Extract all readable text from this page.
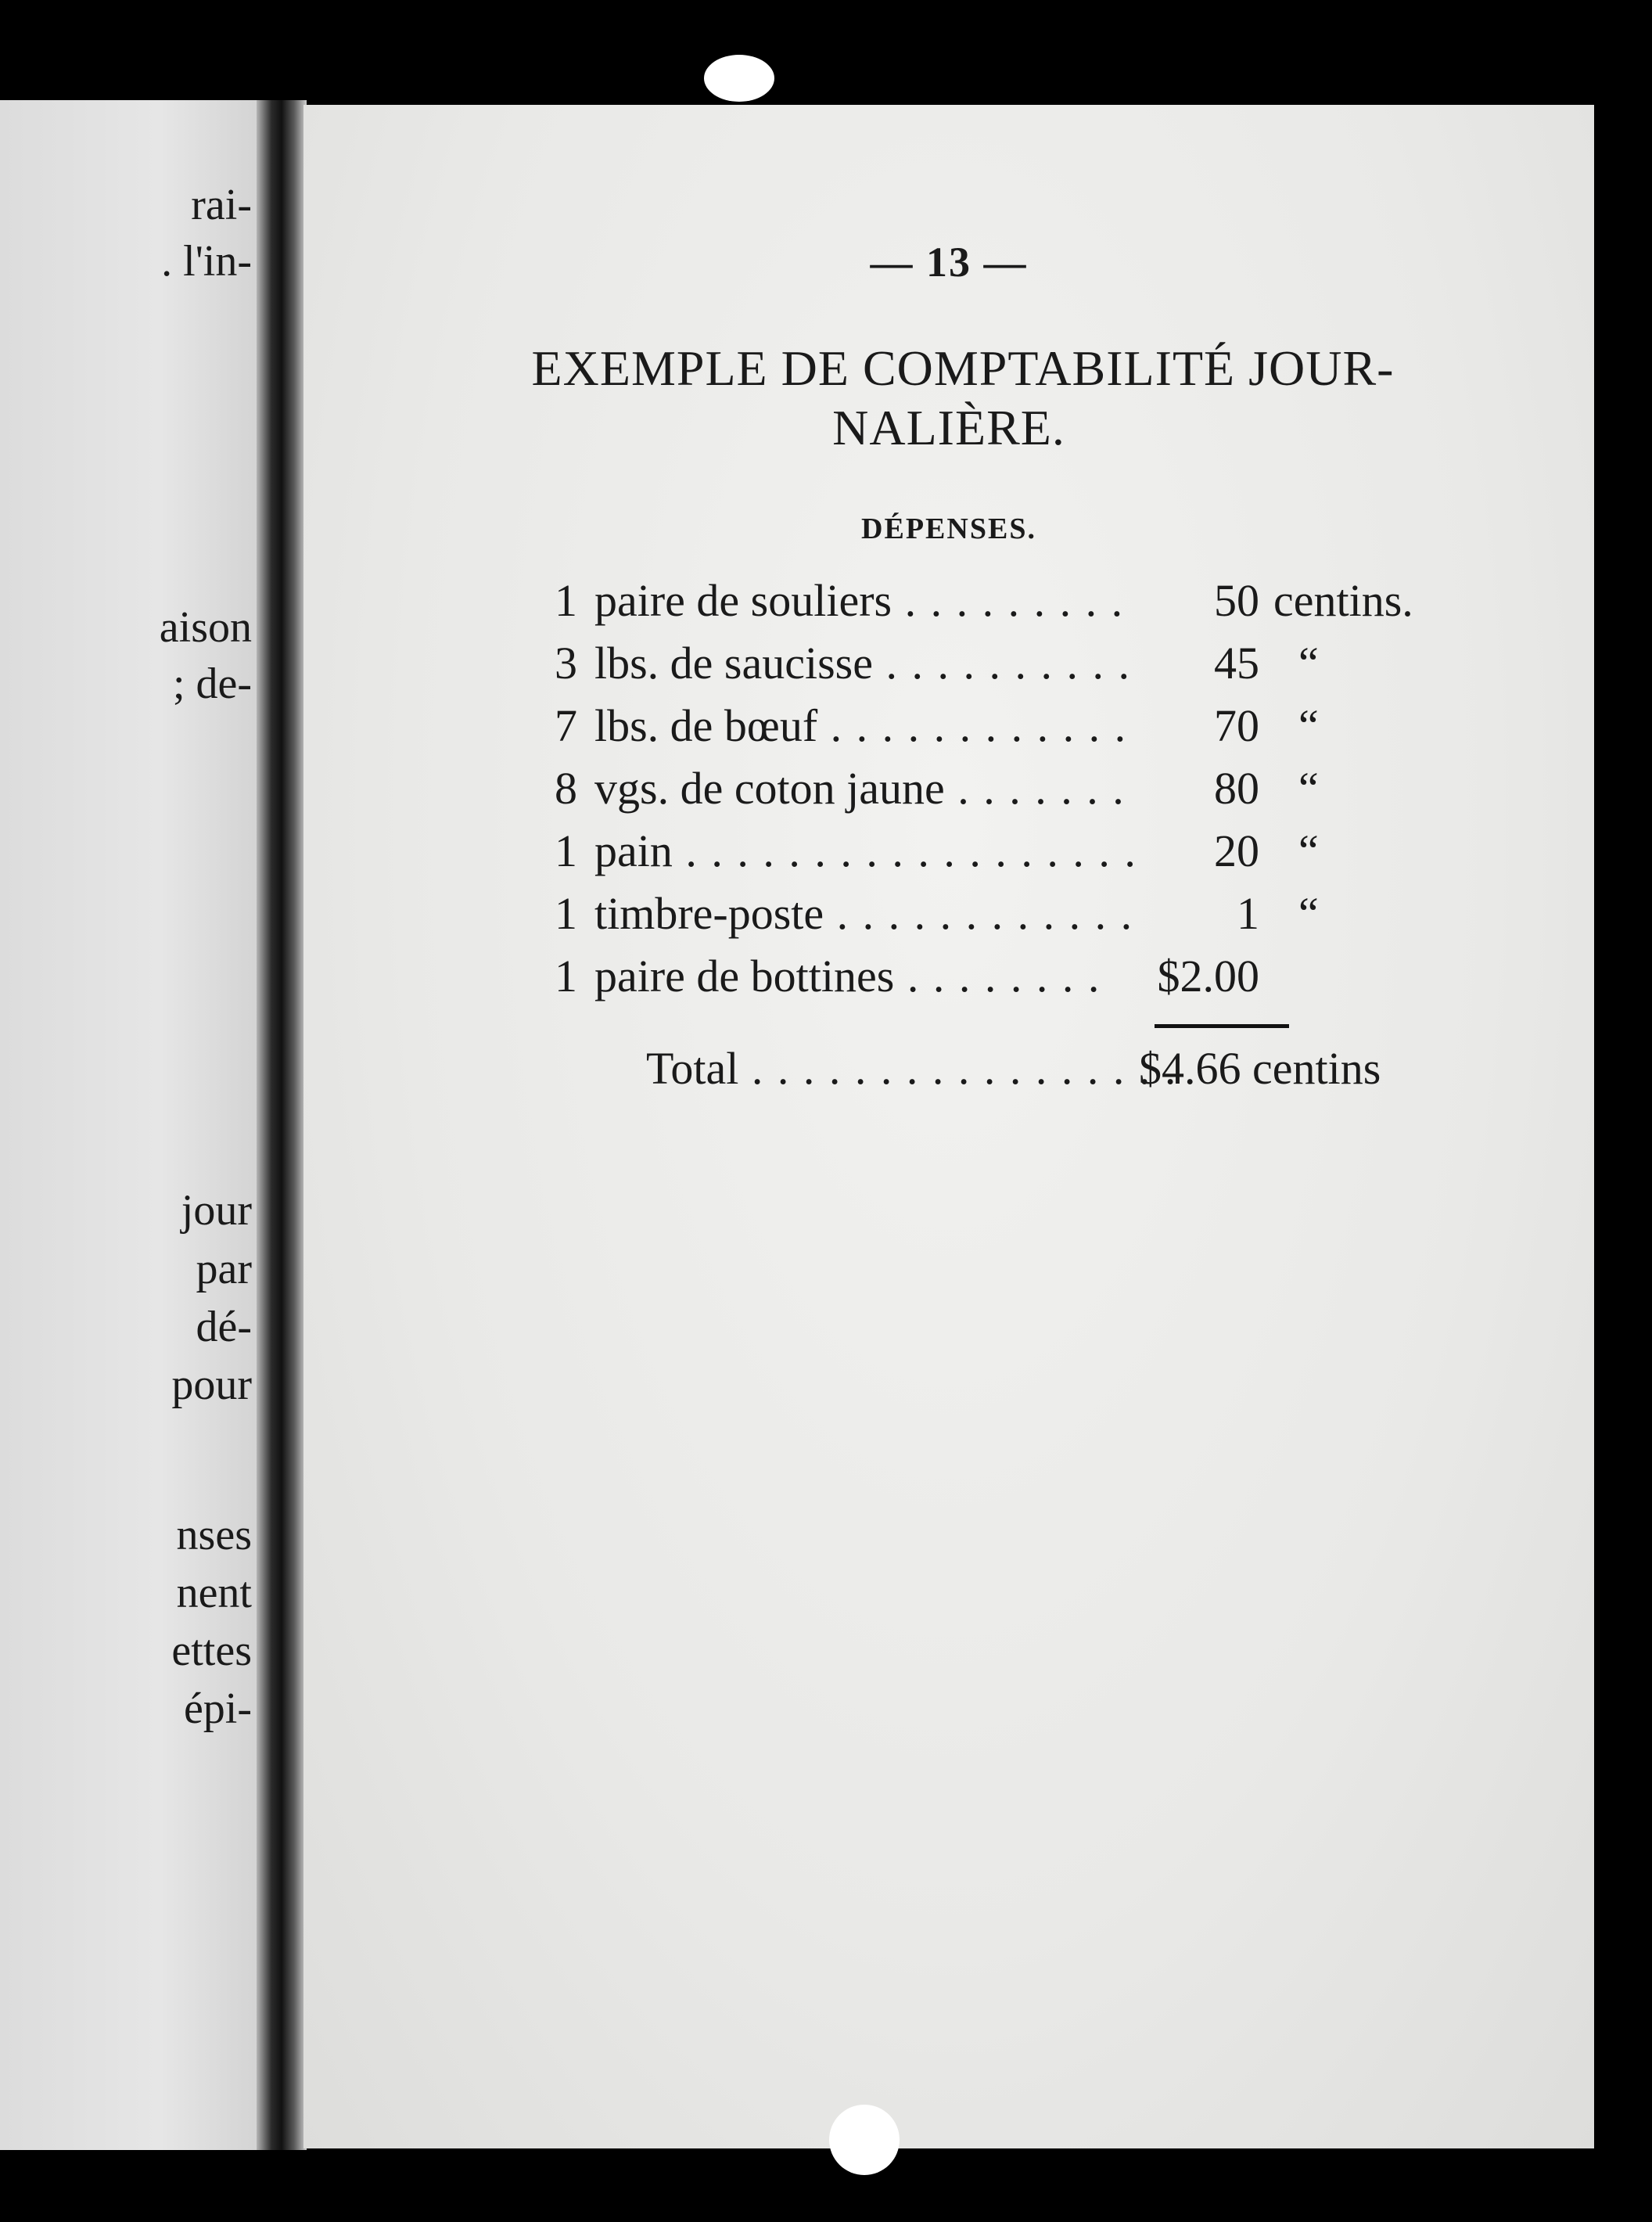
rai-
. l'in-
aison
; de-
jour
par
dé-
pour
nses
nent
ettes
épi-
— 13 —
EXEMPLE DE COMPTABILITÉ JOUR-
NALIÈRE.
DÉPENSES.
1 paire de souliers . . .	50 centins.
3 lbs. de saucisse . . .	45 “
7 lbs. de bœuf . . .	70 “
8 vgs. de coton jaune . . .	80 “
1 pain . . .	20 “
1 timbre-poste . . .	1 “
1 paire de bottines . . .	$2.00
Total . . .	$4.66 centins
